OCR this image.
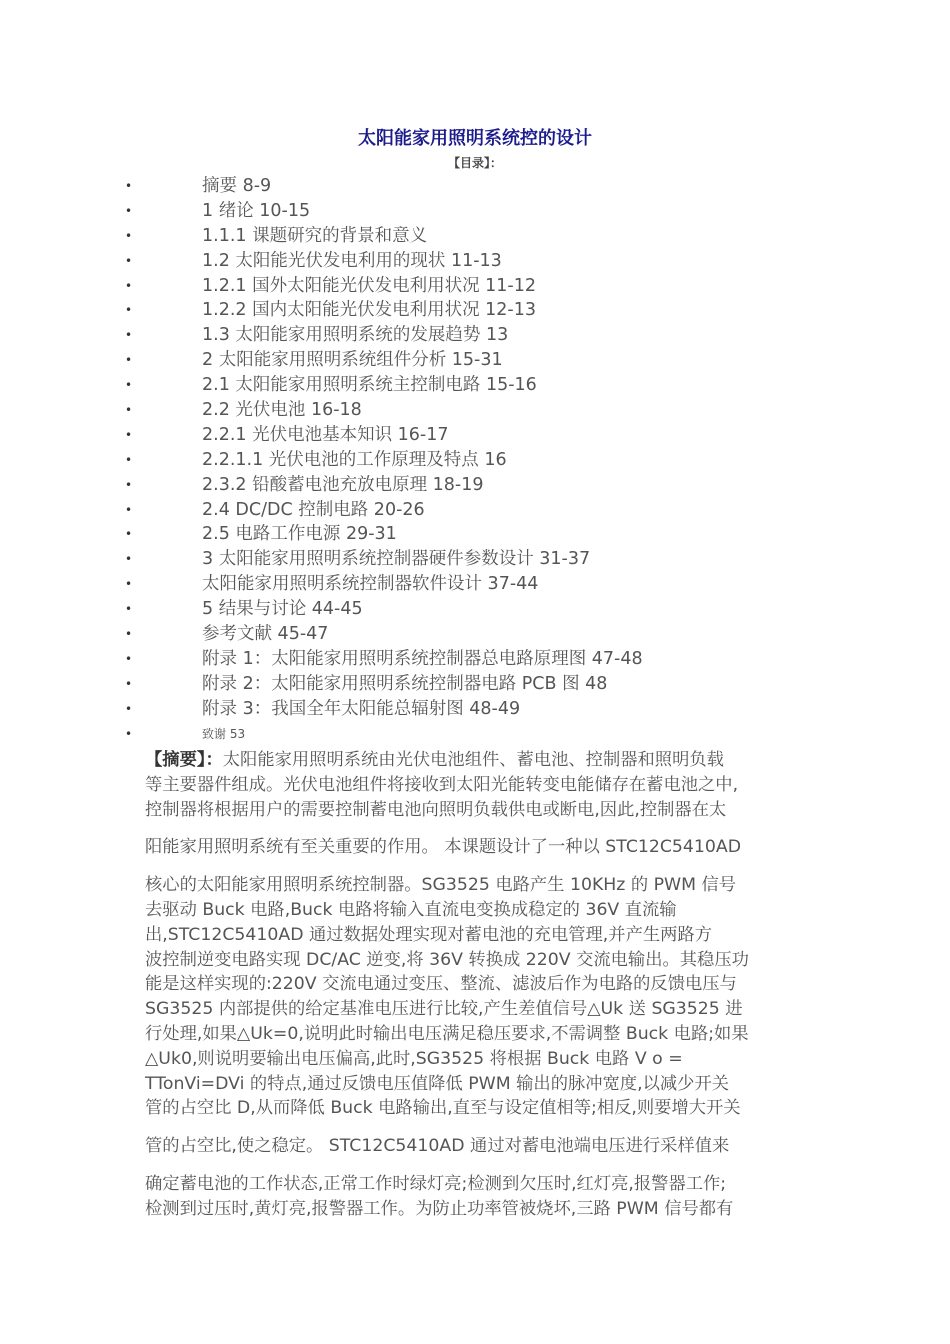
太阳能家用照明系统控的设计
【目录】：
•	摘要 8-9
•	1 绪论 10-15
•	1.1.1 课题研究的背景和意义
•	1.2 太阳能光伏发电利用的现状 11-13
•	1.2.1 国外太阳能光伏发电利用状况 11-12
•	1.2.2 国内太阳能光伏发电利用状况 12-13
•	1.3 太阳能家用照明系统的发展趋势 13
•	2 太阳能家用照明系统组件分析 15-31
•	2.1 太阳能家用照明系统主控制电路 15-16
•	2.2 光伏电池 16-18
•	2.2.1 光伏电池基本知识 16-17
•	2.2.1.1 光伏电池的工作原理及特点 16
•	2.3.2 铅酸蓄电池充放电原理 18-19
•	2.4 DC/DC 控制电路 20-26
•	2.5 电路工作电源 29-31
•	3 太阳能家用照明系统控制器硬件参数设计 31-37
•	太阳能家用照明系统控制器软件设计 37-44
•	5 结果与讨论 44-45
•	参考文献 45-47
•	附录 1：太阳能家用照明系统控制器总电路原理图 47-48
•	附录 2：太阳能家用照明系统控制器电路 PCB 图 48
•	附录 3：我国全年太阳能总辐射图 48-49
•	致谢 53

【摘要】：太阳能家用照明系统由光伏电池组件、蓄电池、控制器和照明负载

等主要器件组成。光伏电池组件将接收到太阳光能转变电能储存在蓄电池之中,

控制器将根据用户的需要控制蓄电池向照明负载供电或断电,因此,控制器在太

阳能家用照明系统有至关重要的作用。 本课题设计了一种以 STC12C5410AD

核心的太阳能家用照明系统控制器。SG3525 电路产生 10KHz 的 PWM 信号

去驱动 Buck 电路,Buck 电路将输入直流电变换成稳定的 36V 直流输

出,STC12C5410AD 通过数据处理实现对蓄电池的充电管理,并产生两路方

波控制逆变电路实现 DC/AC 逆变,将 36V 转换成 220V 交流电输出。其稳压功

能是这样实现的:220V 交流电通过变压、整流、滤波后作为电路的反馈电压与

SG3525 内部提供的给定基准电压进行比较,产生差值信号△Uk 送 SG3525 进

行处理,如果△Uk=0,说明此时输出电压满足稳压要求,不需调整 Buck 电路;如果

△Uk0,则说明要输出电压偏高,此时,SG3525 将根据 Buck 电路 V o =

TTonVi=DVi 的特点,通过反馈电压值降低 PWM 输出的脉冲宽度,以减少开关

管的占空比 D,从而降低 Buck 电路输出,直至与设定值相等;相反,则要增大开关

管的占空比,使之稳定。 STC12C5410AD 通过对蓄电池端电压进行采样值来

确定蓄电池的工作状态,正常工作时绿灯亮;检测到欠压时,红灯亮,报警器工作;

检测到过压时,黄灯亮,报警器工作。为防止功率管被烧坏,三路 PWM 信号都有
